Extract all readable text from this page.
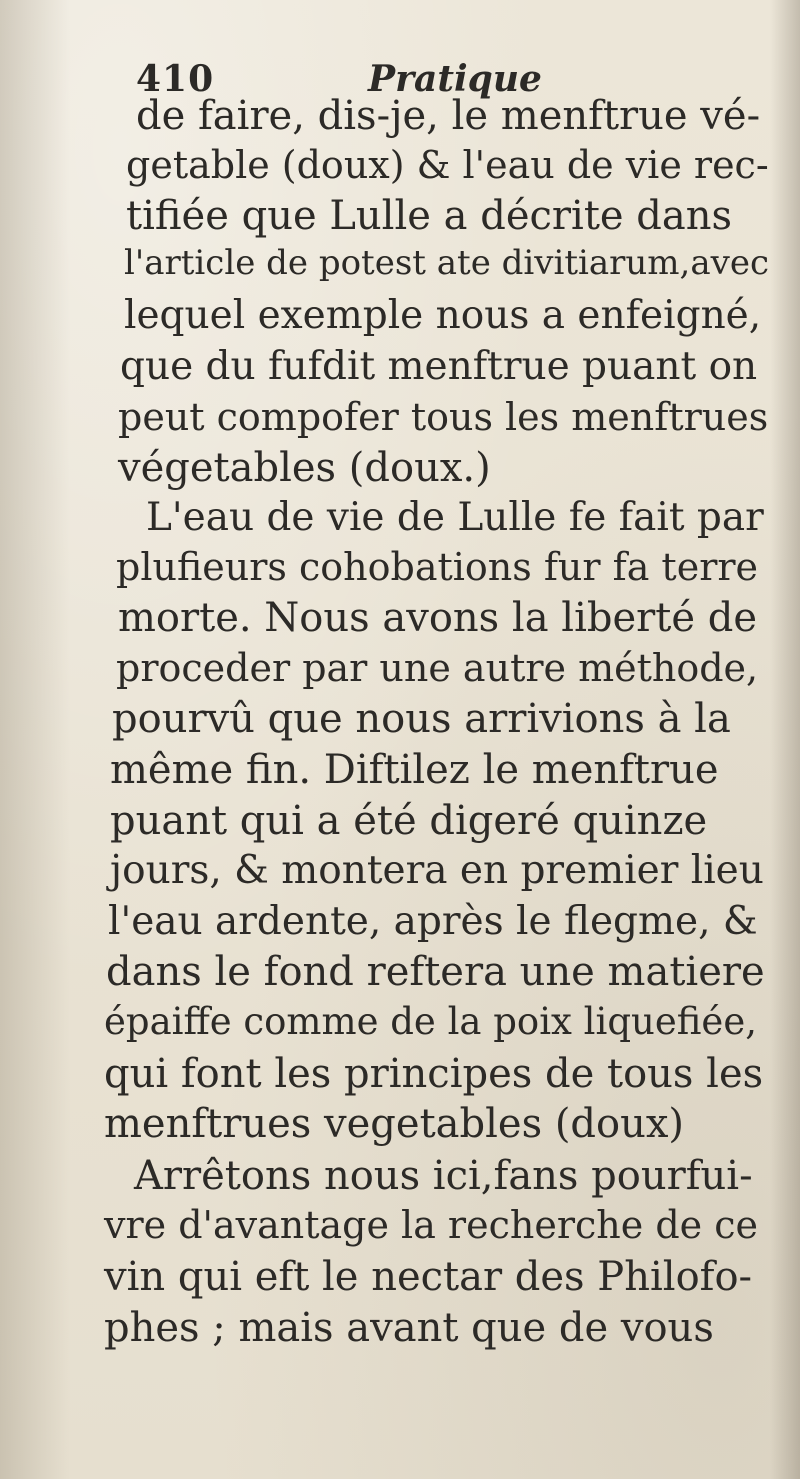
410	Pratique
de faire, dis-je, le menftrue vé-
getable (doux) & l'eau de vie rec-
tifiée que Lulle a décrite dans
l'article de potest ate divitiarum,avec
lequel exemple nous a enfeigné,
que du fufdit menftrue puant on
peut compofer tous les menftrues
végetables (doux.)
L'eau de vie de Lulle fe fait par
plufieurs cohobations fur fa terre
morte. Nous avons la liberté de
proceder par une autre méthode,
pourvû que nous arrivions à la
même fin. Diftilez le menftrue
puant qui a été digeré quinze
jours, & montera en premier lieu
l'eau ardente, après le flegme, &
dans le fond reftera une matiere
épaiffe comme de la poix liquefiée,
qui font les principes de tous les
menftrues vegetables (doux)
Arrêtons nous ici,fans pourfui-
vre d'avantage la recherche de ce
vin qui eft le nectar des Philofo-
phes ; mais avant que de vous
